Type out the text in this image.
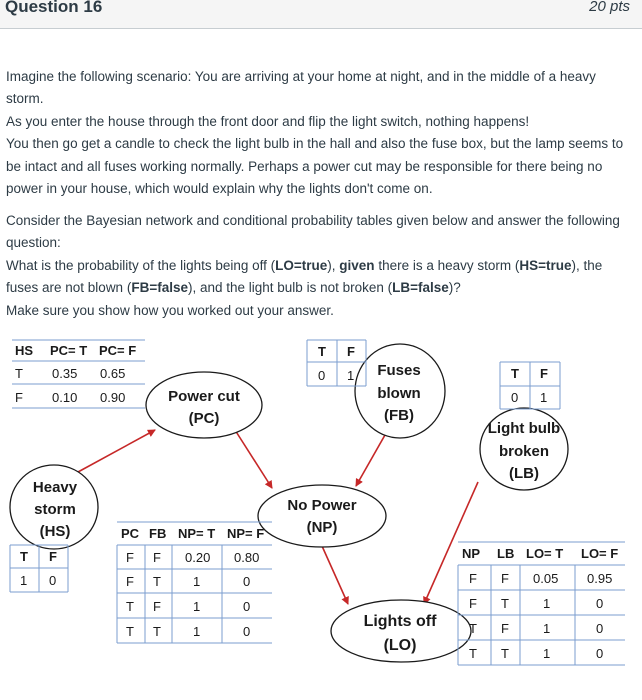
Question 16	20 pts

Imagine the following scenario: You are arriving at your home at night, and in the middle of a heavy storm.

As you enter the house through the front door and flip the light switch, nothing happens!

You then go get a candle to check the light bulb in the hall and also the fuse box, but the lamp seems to be intact and all fuses working normally. Perhaps a power cut may be responsible for there being no power in your house, which would explain why the lights don't come on.

Consider the Bayesian network and conditional probability tables given below and answer the following question:

What is the probability of the lights being off (LO=true), given there is a heavy storm (HS=true), the fuses are not blown (FB=false), and the light bulb is not broken (LB=false)?

Make sure you show how you worked out your answer.

Power cut
(PC)
Fuses
blown
(FB)
Light bulb
broken
(LB)
Heavy
storm
(HS)
No Power
(NP)
Lights off
(LO)
HS PC= T PC= F
T 0.35 0.65
F 0.10 0.90
T F
0 1	T F
0 1
T F
1 0
PC FB NP= T NP= F
F F 0.20 0.80
F T 1	0
T F 1	0
T T 1	0
NP LB LO= T LO= F
F F 0.05 0.95
F T	1	0
T F	1	0
T T	1	0
